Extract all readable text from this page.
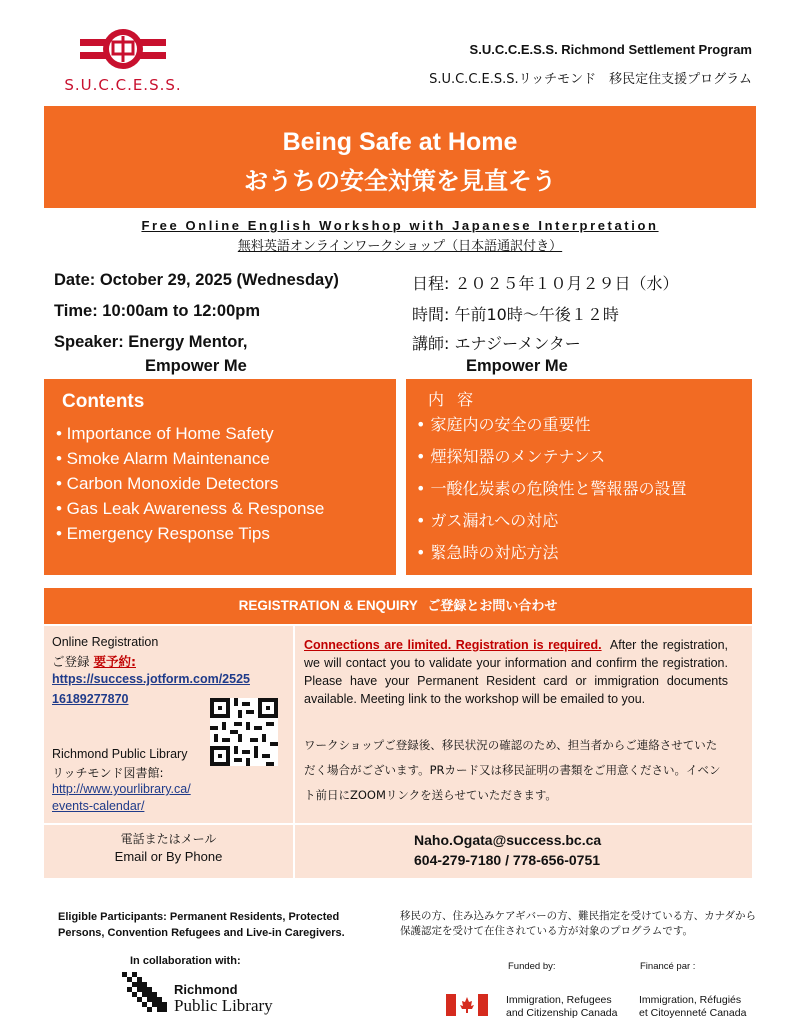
S.U.C.C.E.S.S.
S.U.C.C.E.S.S. Richmond Settlement Program
S.U.C.C.E.S.S.リッチモンド　移民定住支援プログラム
Being Safe at Home
おうちの安全対策を見直そう
Free Online English Workshop with Japanese Interpretation
無料英語オンラインワークショップ（日本語通訳付き）
Date: October 29, 2025 (Wednesday)
Time: 10:00am to 12:00pm
Speaker: Energy Mentor,
Empower Me
日程: ２０２５年１０月２９日（水）
時間: 午前10時～午後１２時
講師: エナジーメンター
Empower Me
Contents
• Importance of Home Safety
• Smoke Alarm Maintenance
• Carbon Monoxide Detectors
• Gas Leak Awareness & Response
• Emergency Response Tips
内 容
• 家庭内の安全の重要性
• 煙探知器のメンテナンス
• 一酸化炭素の危険性と警報器の設置
• ガス漏れへの対応
• 緊急時の対応方法
REGISTRATION & ENQUIRY ご登録とお問い合わせ
Online Registration
ご登録 要予約:
https://success.jotform.com/2525
16189277870
Richmond Public Library
リッチモンド図書館:
http://www.yourlibrary.ca/
events-calendar/
Connections are limited. Registration is required. After the registration, we will contact you to validate your information and confirm the registration. Please have your Permanent Resident card or immigration documents available. Meeting link to the workshop will be emailed to you.
ワークショップご登録後、移民状況の確認のため、担当者からご連絡させていただく場合がございます。PRカード又は移民証明の書類をご用意ください。イベント前日にZOOMリンクを送らせていただきます。
電話またはメール
Email or By Phone
Naho.Ogata@success.bc.ca
604-279-7180 / 778-656-0751
Eligible Participants: Permanent Residents, Protected Persons, Convention Refugees and Live-in Caregivers.
移民の方、住み込みケアギバーの方、難民指定を受けている方、カナダから保護認定を受けて在住されている方が対象のプログラムです。
In collaboration with:
Richmond
Public Library
Funded by:	Financé par :
Immigration, Refugees
and Citizenship Canada
Immigration, Réfugiés
et Citoyenneté Canada
